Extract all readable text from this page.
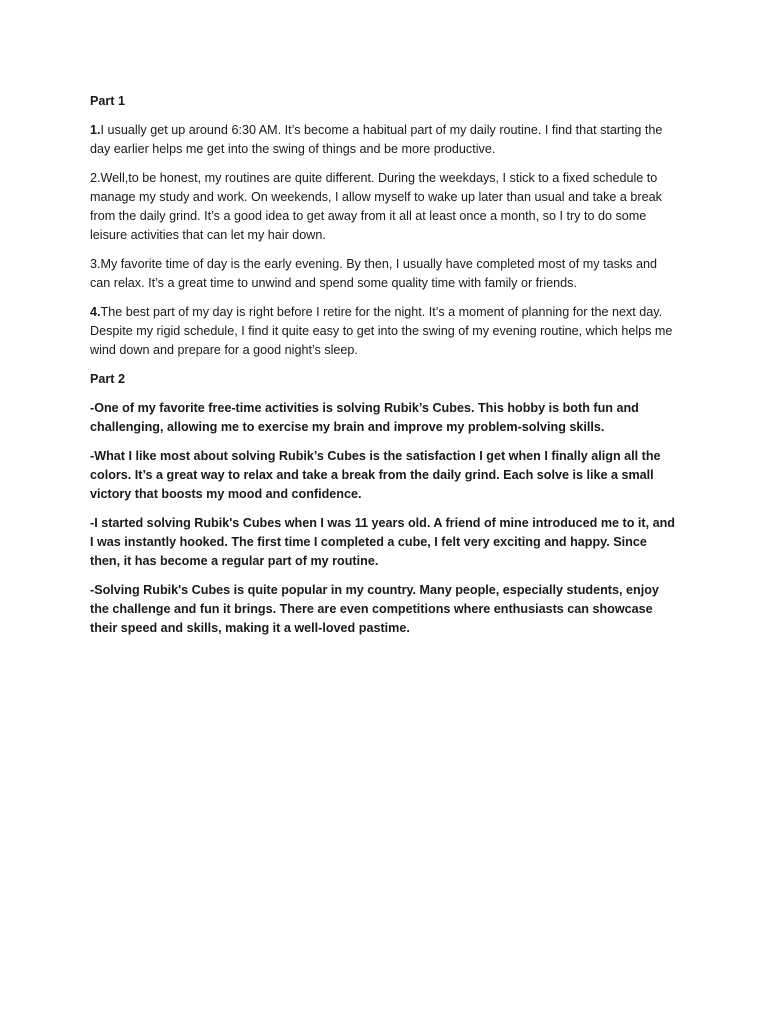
Part 1

1.I usually get up around 6:30 AM. It’s become a habitual part of my daily routine. I find that starting the day earlier helps me get into the swing of things and be more productive.

2.Well,to be honest, my routines are quite different. During the weekdays, I stick to a fixed schedule to manage my study and work. On weekends, I allow myself to wake up later than usual and take a break from the daily grind. It’s a good idea to get away from it all at least once a month, so I try to do some leisure activities that can let my hair down.

3.My favorite time of day is the early evening. By then, I usually have completed most of my tasks and can relax. It’s a great time to unwind and spend some quality time with family or friends.

4.The best part of my day is right before I retire for the night. It’s a moment of planning for the next day. Despite my rigid schedule, I find it quite easy to get into the swing of my evening routine, which helps me wind down and prepare for a good night’s sleep.

Part 2

-One of my favorite free-time activities is solving Rubik’s Cubes. This hobby is both fun and challenging, allowing me to exercise my brain and improve my problem-solving skills.

-What I like most about solving Rubik’s Cubes is the satisfaction I get when I finally align all the colors. It’s a great way to relax and take a break from the daily grind. Each solve is like a small victory that boosts my mood and confidence.

-I started solving Rubik's Cubes when I was 11 years old. A friend of mine introduced me to it, and I was instantly hooked. The first time I completed a cube, I felt very exciting and happy. Since then, it has become a regular part of my routine.

-Solving Rubik's Cubes is quite popular in my country. Many people, especially students, enjoy the challenge and fun it brings. There are even competitions where enthusiasts can showcase their speed and skills, making it a well-loved pastime.
